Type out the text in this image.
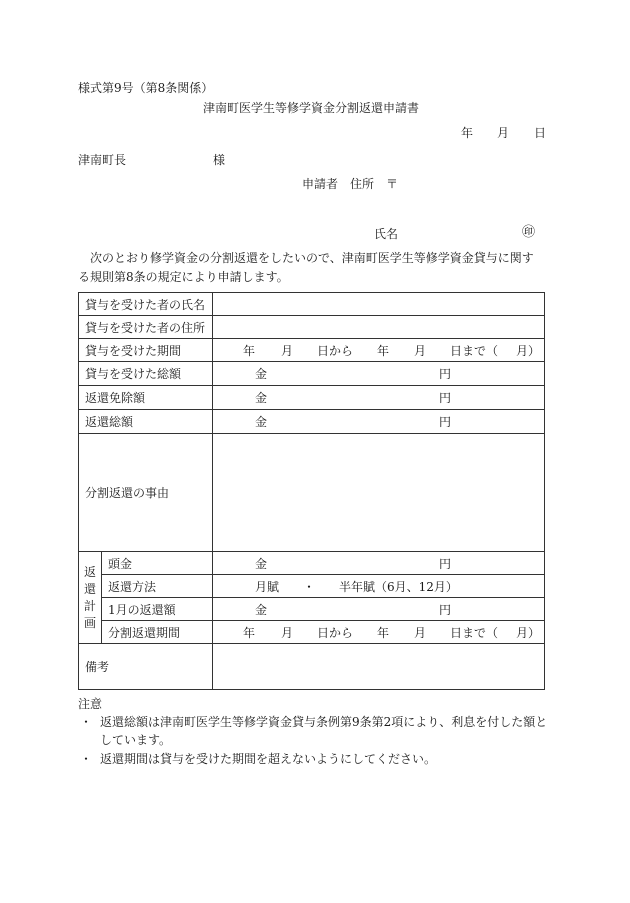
様式第9号（第8条関係）
津南町医学生等修学資金分割返還申請書
年 月 日
津南町長	様
申請者　住所　〒
氏名	㊞
次のとおり修学資金の分割返還をしたいので、津南町医学生等修学資金貸与に関す
る規則第8条の規定により申請します。
貸与を受けた者の氏名		
貸与を受けた者の住所		
貸与を受けた期間		年 月 日から 年 月 日まで（ 月）
貸与を受けた総額		金 円
返還免除額		金 円
返還総額		金 円
分割返還の事由		

返
還
計
画	頭金	金 円
	返還方法	月賦　　・　　半年賦（6月、12月）
	1月の返還額	金 円
	分割返還期間	年 月 日から 年 月 日まで（ 月）
備考		
注意
・ 返還総額は津南町医学生等修学資金貸与条例第9条第2項により、利息を付した額と
しています。
・ 返還期間は貸与を受けた期間を超えないようにしてください。
